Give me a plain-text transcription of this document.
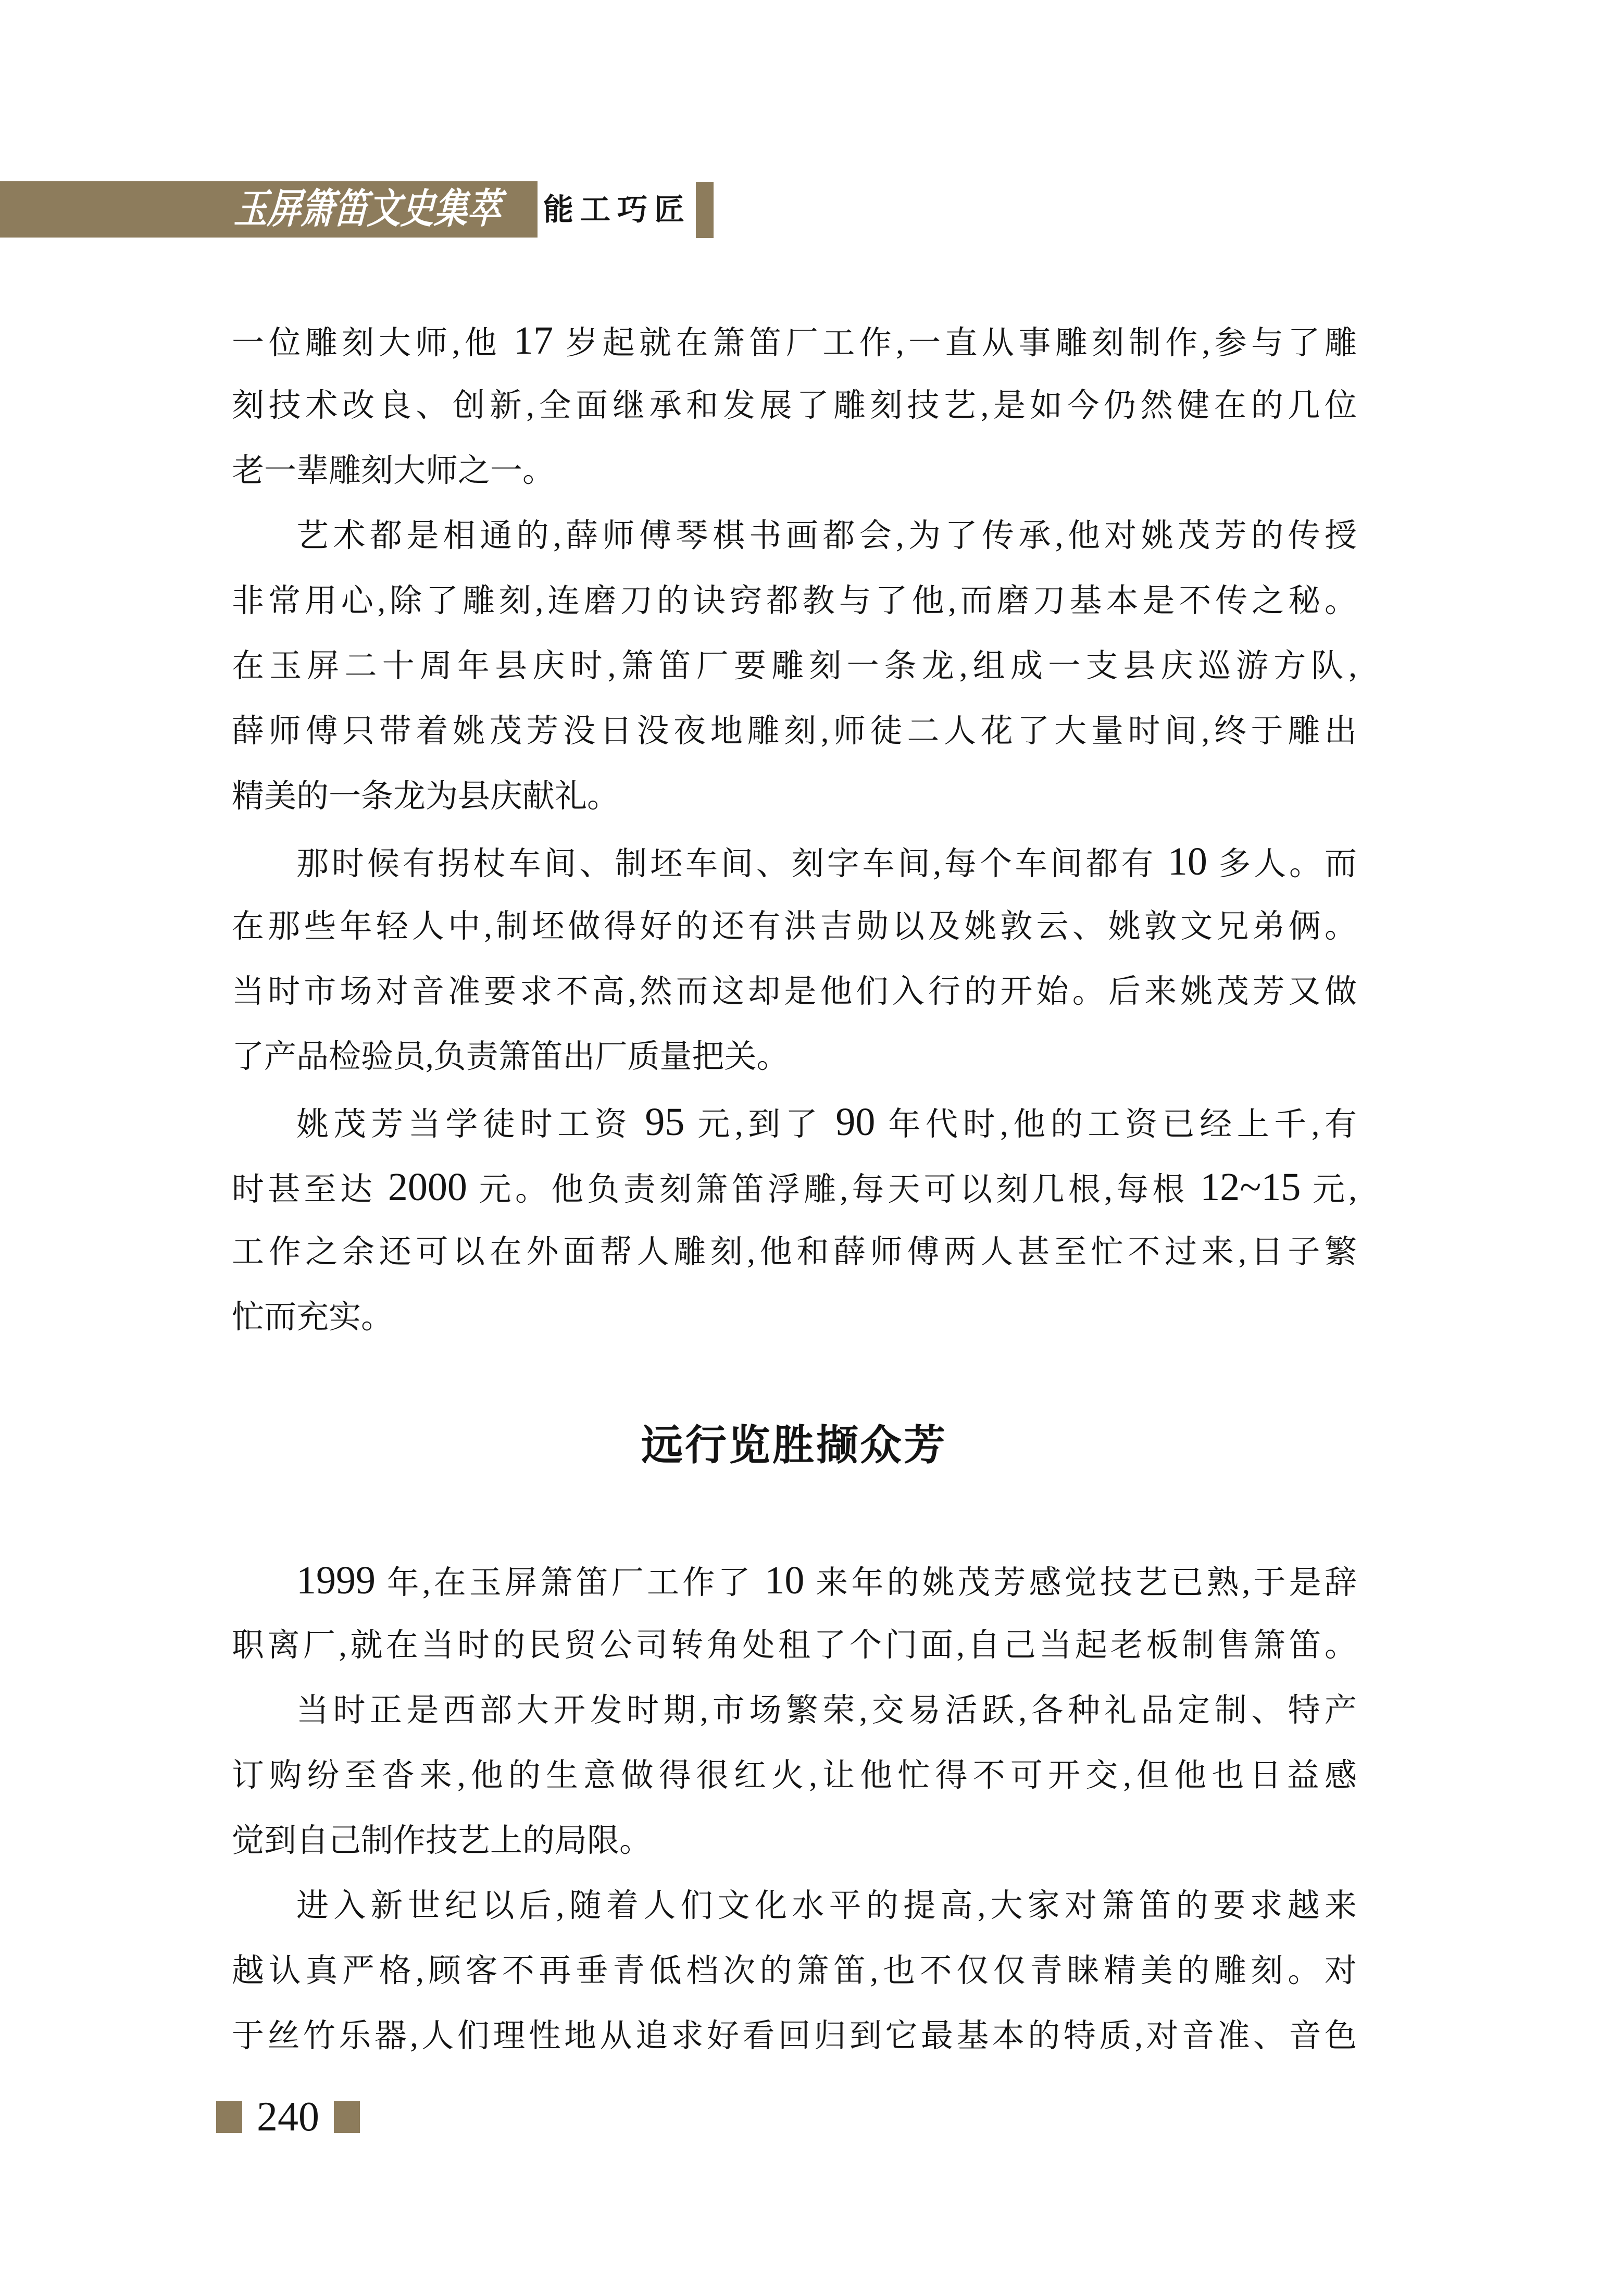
玉屏箫笛文史集萃 能工巧匠
一位雕刻大师,他 17 岁起就在箫笛厂工作,一直从事雕刻制作,参与了雕
刻技术改良、创新,全面继承和发展了雕刻技艺,是如今仍然健在的几位
老一辈雕刻大师之一。
艺术都是相通的,薛师傅琴棋书画都会,为了传承,他对姚茂芳的传授
非常用心,除了雕刻,连磨刀的诀窍都教与了他,而磨刀基本是不传之秘。
在玉屏二十周年县庆时,箫笛厂要雕刻一条龙,组成一支县庆巡游方队,
薛师傅只带着姚茂芳没日没夜地雕刻,师徒二人花了大量时间,终于雕出
精美的一条龙为县庆献礼。
那时候有拐杖车间、制坯车间、刻字车间,每个车间都有 10 多人。而
在那些年轻人中,制坯做得好的还有洪吉勋以及姚敦云、姚敦文兄弟俩。
当时市场对音准要求不高,然而这却是他们入行的开始。后来姚茂芳又做
了产品检验员,负责箫笛出厂质量把关。
姚茂芳当学徒时工资 95 元,到了 90 年代时,他的工资已经上千,有
时甚至达 2000 元。他负责刻箫笛浮雕,每天可以刻几根,每根 12~15 元,
工作之余还可以在外面帮人雕刻,他和薛师傅两人甚至忙不过来,日子繁
忙而充实。
远行览胜撷众芳
1999 年,在玉屏箫笛厂工作了 10 来年的姚茂芳感觉技艺已熟,于是辞
职离厂,就在当时的民贸公司转角处租了个门面,自己当起老板制售箫笛。
当时正是西部大开发时期,市场繁荣,交易活跃,各种礼品定制、特产
订购纷至沓来,他的生意做得很红火,让他忙得不可开交,但他也日益感
觉到自己制作技艺上的局限。
进入新世纪以后,随着人们文化水平的提高,大家对箫笛的要求越来
越认真严格,顾客不再垂青低档次的箫笛,也不仅仅青睐精美的雕刻。对
于丝竹乐器,人们理性地从追求好看回归到它最基本的特质,对音准、音色
240
